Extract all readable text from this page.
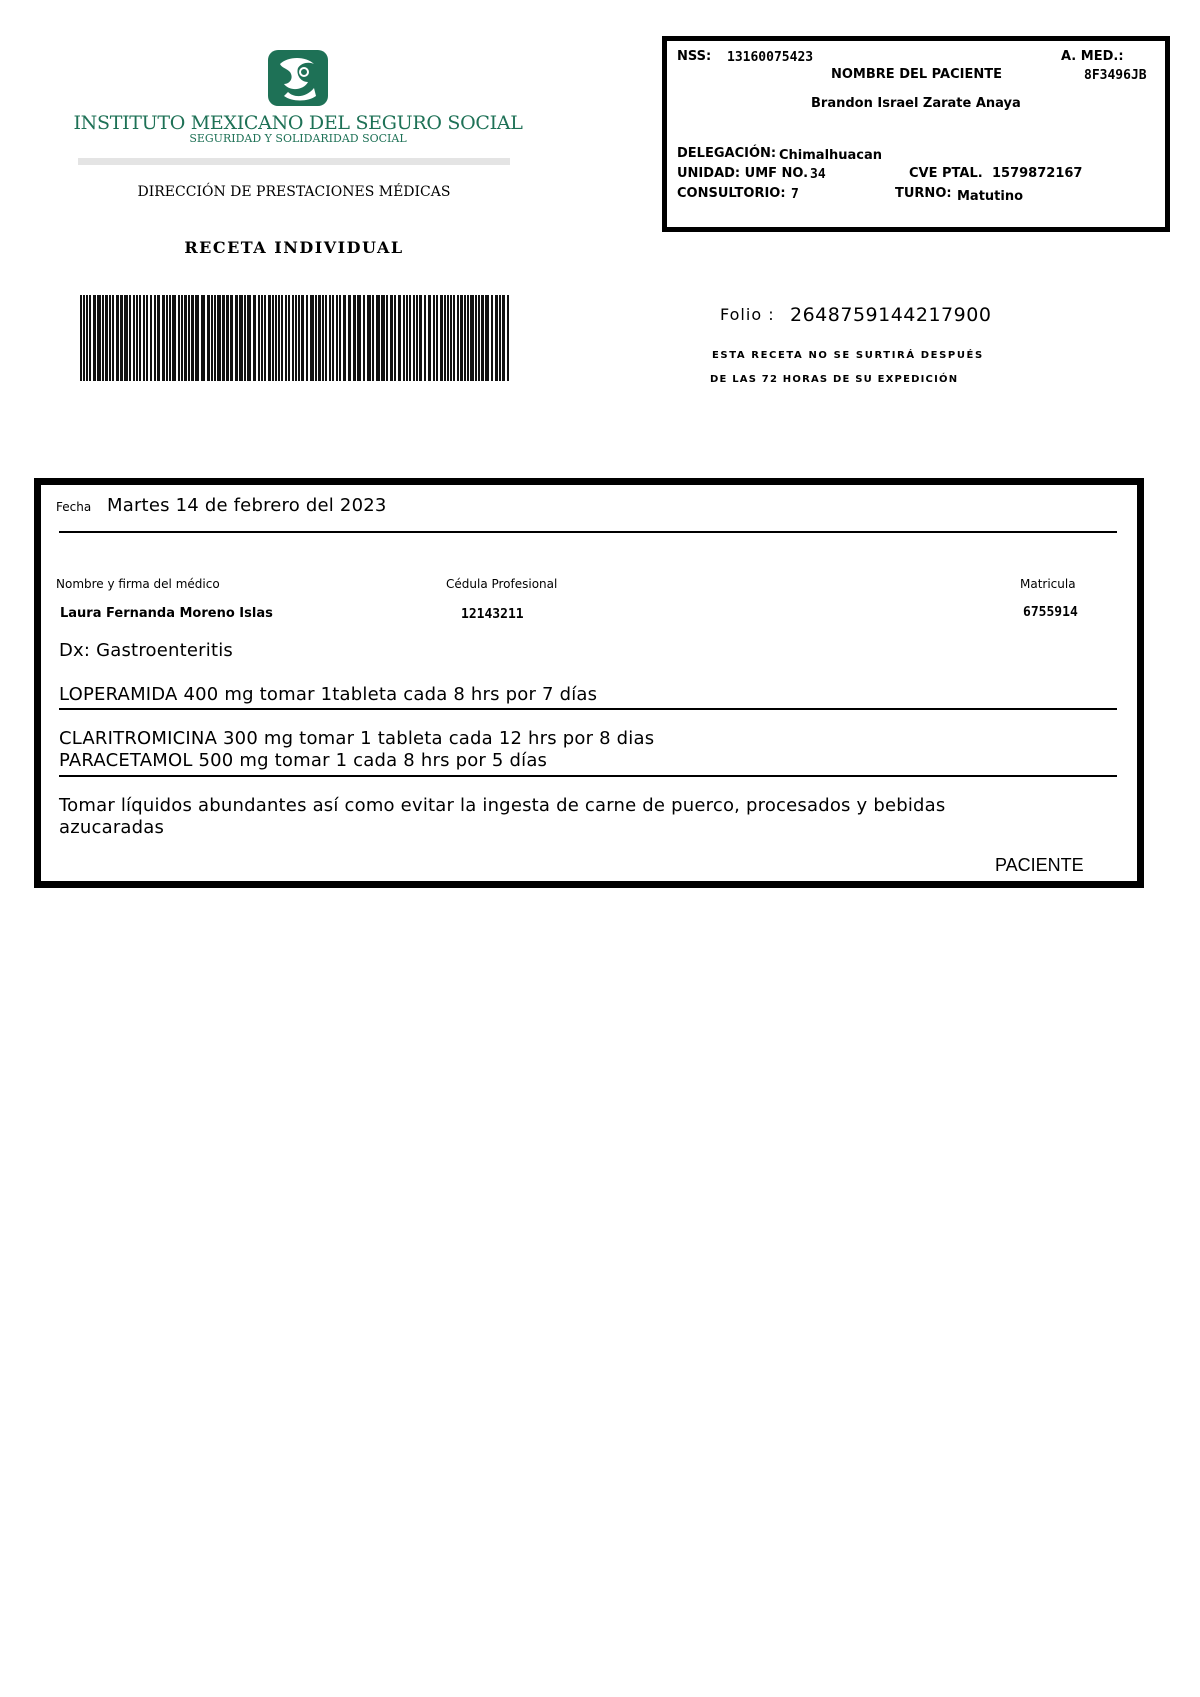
INSTITUTO MEXICANO DEL SEGURO SOCIAL
SEGURIDAD Y SOLIDARIDAD SOCIAL
DIRECCIÓN DE PRESTACIONES MÉDICAS
RECETA INDIVIDUAL
NSS: 13160075423	A. MED.:
8F3496JB
NOMBRE DEL PACIENTE
Brandon Israel Zarate Anaya
DELEGACIÓN: Chimalhuacan
UNIDAD: UMF NO. 34	CVE PTAL. 1579872167
CONSULTORIO: 7	TURNO: Matutino
Folio : 2648759144217900
ESTA RECETA NO SE SURTIRÁ DESPUÉS
DE LAS 72 HORAS DE SU EXPEDICIÓN
Fecha Martes 14 de febrero del 2023
Nombre y firma del médico	Cédula Profesional	Matricula
Laura Fernanda Moreno Islas	12143211	6755914
Dx: Gastroenteritis
LOPERAMIDA 400 mg tomar 1tableta cada 8 hrs por 7 días
CLARITROMICINA 300 mg tomar 1 tableta cada 12 hrs por 8 dias
PARACETAMOL 500 mg tomar 1 cada 8 hrs por 5 días
Tomar líquidos abundantes así como evitar la ingesta de carne de puerco, procesados y bebidas
azucaradas
PACIENTE
